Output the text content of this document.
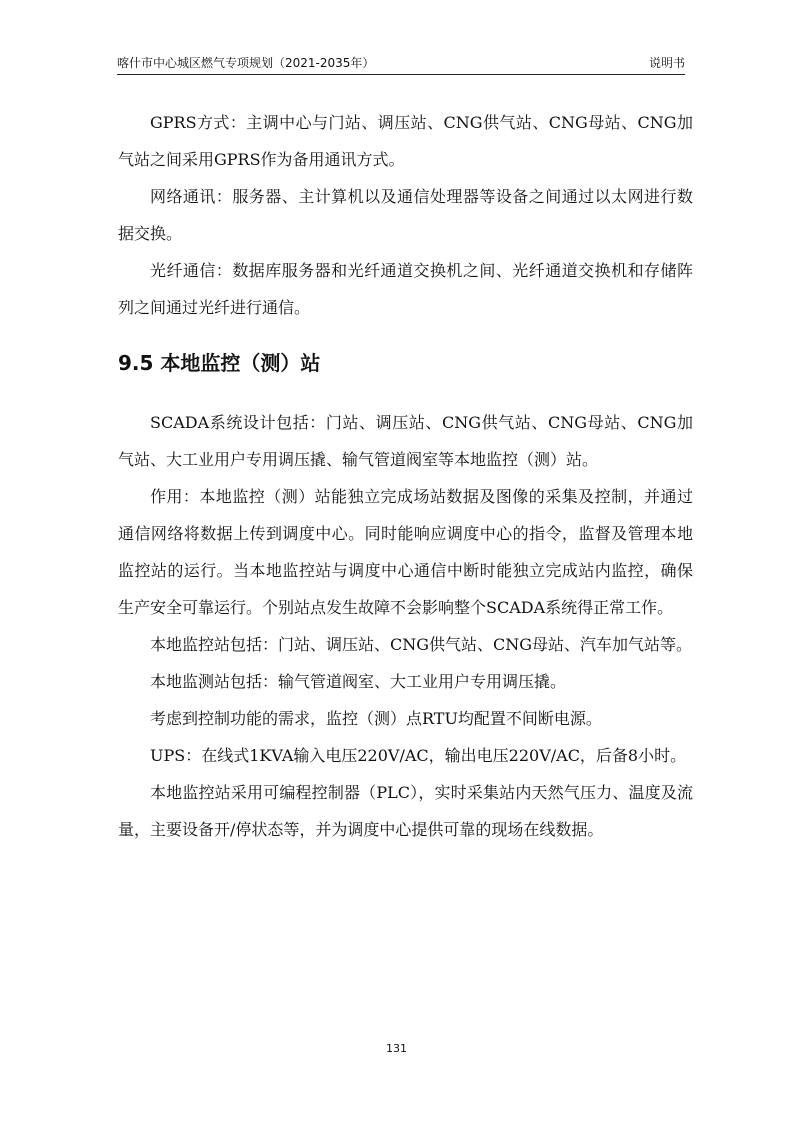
喀什市中心城区燃气专项规划（2021-2035年）	说明书

GPRS方式：主调中心与门站、调压站、CNG供气站、CNG母站、CNG加气站之间采用GPRS作为备用通讯方式。

网络通讯：服务器、主计算机以及通信处理器等设备之间通过以太网进行数据交换。

光纤通信：数据库服务器和光纤通道交换机之间、光纤通道交换机和存储阵列之间通过光纤进行通信。

9.5 本地监控（测）站

SCADA系统设计包括：门站、调压站、CNG供气站、CNG母站、CNG加气站、大工业用户专用调压撬、输气管道阀室等本地监控（测）站。

作用：本地监控（测）站能独立完成场站数据及图像的采集及控制，并通过通信网络将数据上传到调度中心。同时能响应调度中心的指令，监督及管理本地监控站的运行。当本地监控站与调度中心通信中断时能独立完成站内监控，确保生产安全可靠运行。个别站点发生故障不会影响整个SCADA系统得正常工作。

本地监控站包括：门站、调压站、CNG供气站、CNG母站、汽车加气站等。

本地监测站包括：输气管道阀室、大工业用户专用调压撬。

考虑到控制功能的需求，监控（测）点RTU均配置不间断电源。

UPS：在线式1KVA输入电压220V/AC，输出电压220V/AC，后备8小时。

本地监控站采用可编程控制器（PLC），实时采集站内天然气压力、温度及流量，主要设备开/停状态等，并为调度中心提供可靠的现场在线数据。

131
